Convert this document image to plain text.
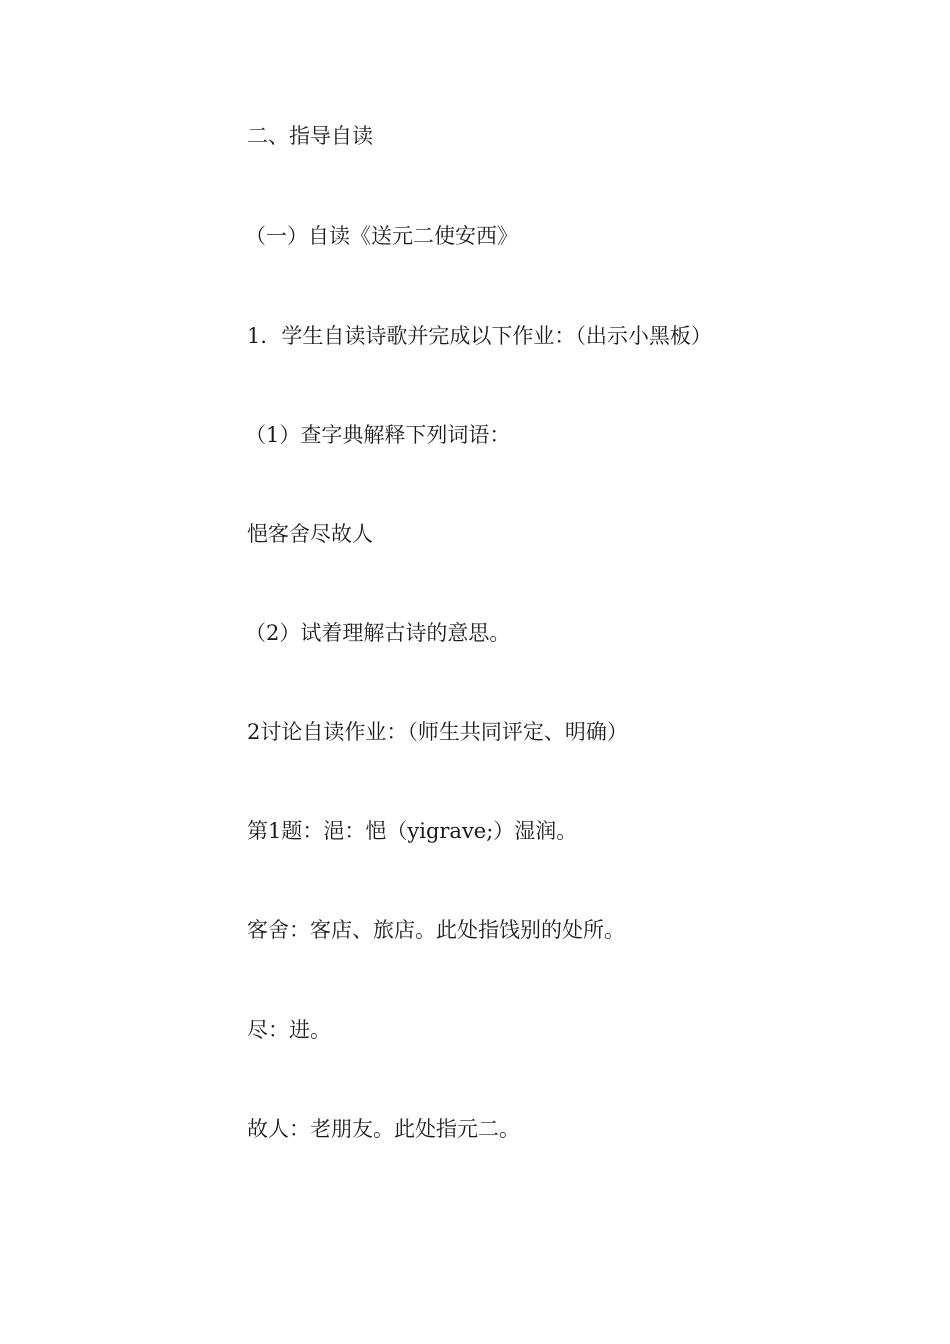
二、指导自读

（一）自读《送元二使安西》

1．学生自读诗歌并完成以下作业：（出示小黑板）

（1）查字典解释下列词语：

悒客舍尽故人

（2）试着理解古诗的意思。

2讨论自读作业：（师生共同评定、明确）

第1题：浥：悒（yigrave;）湿润。

客舍：客店、旅店。此处指饯别的处所。

尽：进。

故人：老朋友。此处指元二。
